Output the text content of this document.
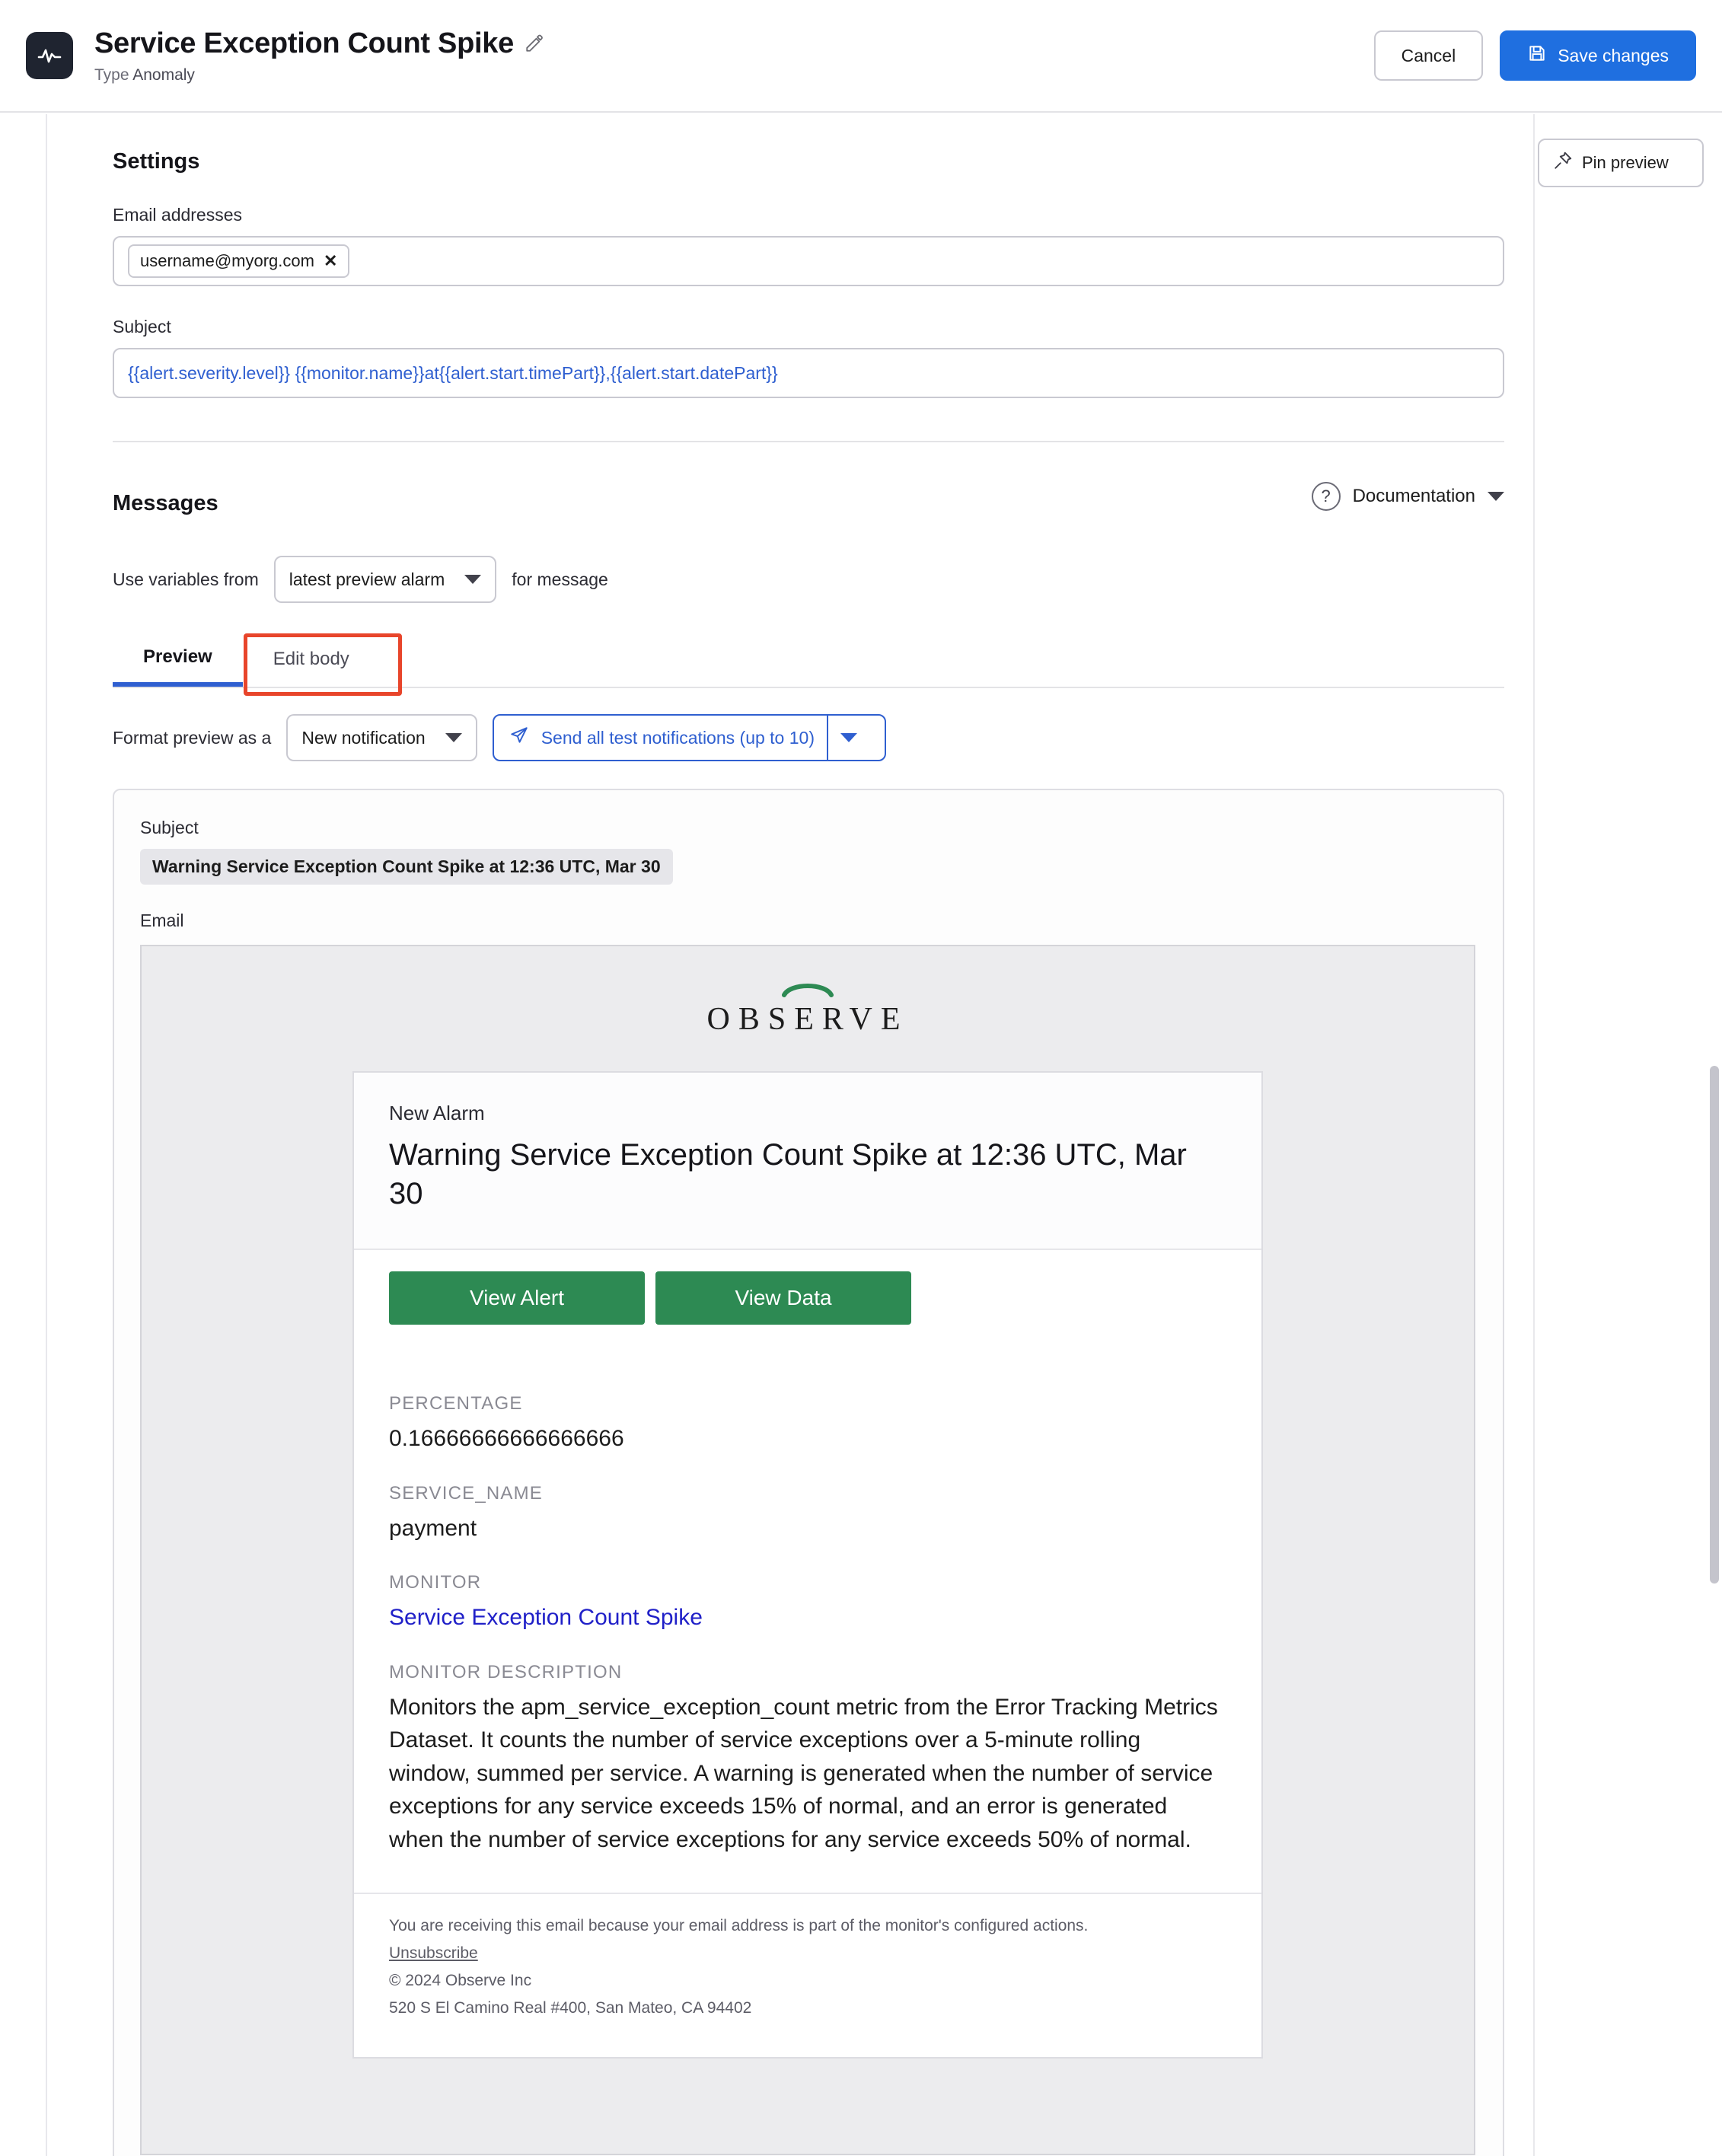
Service Exception Count Spike
Type Anomaly
Cancel	Save changes
Pin preview
Settings
Email addresses
username@myorg.com ✕
Subject
{{alert.severity.level}} {{monitor.name}} at {{alert.start.timePart}} , {{alert.start.datePart}}
Messages	?	Documentation
Use variables from latest preview alarm	for message
Preview	Edit body
Format preview as a New notification	Send all test notifications (up to 10)
Subject
Warning Service Exception Count Spike at 12:36 UTC, Mar 30
Email
OBSERVE
New Alarm
Warning Service Exception Count Spike at 12:36 UTC, Mar 30
View Alert	View Data
PERCENTAGE
0.16666666666666666
SERVICE_NAME
payment
MONITOR
Service Exception Count Spike
MONITOR DESCRIPTION
Monitors the apm_service_exception_count metric from the Error Tracking Metrics Dataset. It counts the number of service exceptions over a 5-minute rolling window, summed per service. A warning is generated when the number of service exceptions for any service exceeds 15% of normal, and an error is generated when the number of service exceptions for any service exceeds 50% of normal.
You are receiving this email because your email address is part of the monitor's configured actions.
Unsubscribe
© 2024 Observe Inc
520 S El Camino Real #400, San Mateo, CA 94402
